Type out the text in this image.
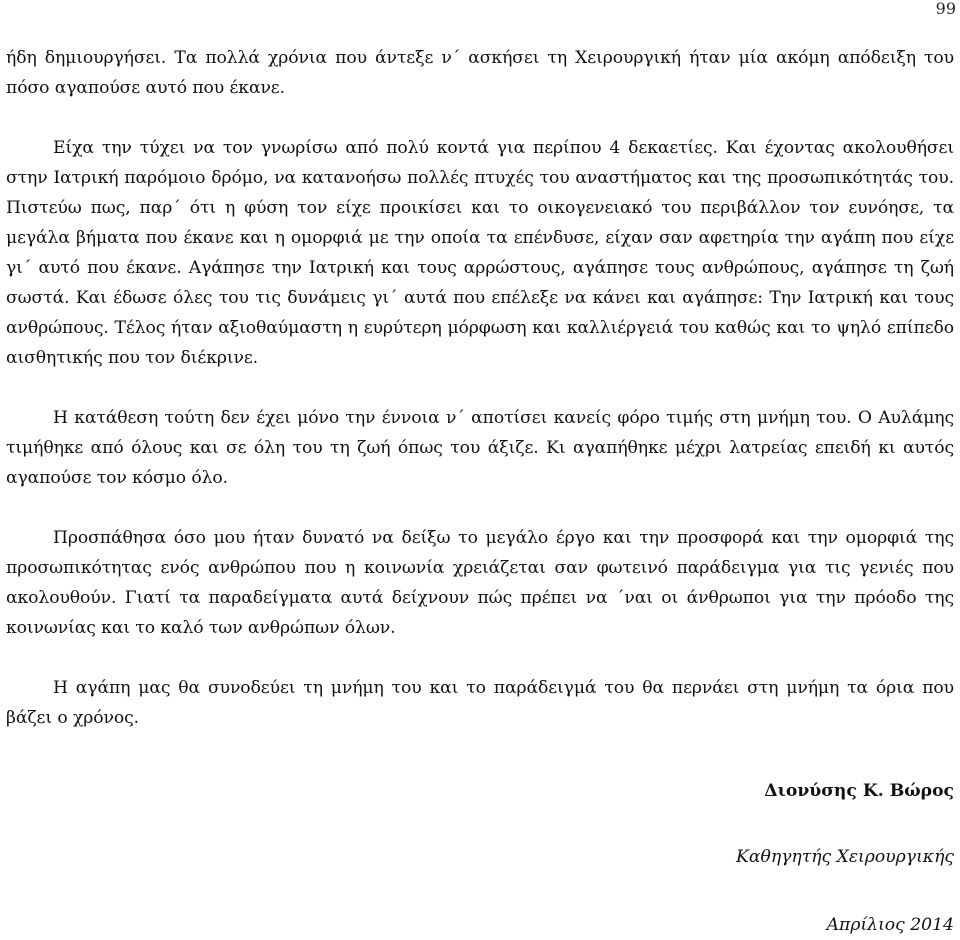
99

ήδη δημιουργήσει. Τα πολλά χρόνια που άντεξε ν΄ ασκήσει τη Χειρουργική ήταν μία ακόμη απόδειξη του πόσο αγαπούσε αυτό που έκανε.

Είχα την τύχει να τον γνωρίσω από πολύ κοντά για περίπου 4 δεκαετίες. Και έχοντας ακολουθήσει στην Ιατρική παρόμοιο δρόμο, να κατανοήσω πολλές πτυχές του αναστήματος και της προσωπικότητάς του. Πιστεύω πως, παρ΄ ότι η φύση τον είχε προικίσει και το οικογενειακό του περιβάλλον τον ευνόησε, τα μεγάλα βήματα που έκανε και η ομορφιά με την οποία τα επένδυσε, είχαν σαν αφετηρία την αγάπη που είχε γι΄ αυτό που έκανε. Αγάπησε την Ιατρική και τους αρρώστους, αγάπησε τους ανθρώπους, αγάπησε τη ζωή σωστά. Και έδωσε όλες του τις δυνάμεις γι΄ αυτά που επέλεξε να κάνει και αγάπησε: Την Ιατρική και τους ανθρώπους. Τέλος ήταν αξιοθαύμαστη η ευρύτερη μόρφωση και καλλιέργειά του καθώς και το ψηλό επίπεδο αισθητικής που τον διέκρινε.

Η κατάθεση τούτη δεν έχει μόνο την έννοια ν΄ αποτίσει κανείς φόρο τιμής στη μνήμη του. Ο Αυλάμης τιμήθηκε από όλους και σε όλη του τη ζωή όπως του άξιζε. Κι αγαπήθηκε μέχρι λατρείας επειδή κι αυτός αγαπούσε τον κόσμο όλο.

Προσπάθησα όσο μου ήταν δυνατό να δείξω το μεγάλο έργο και την προσφορά και την ομορφιά της προσωπικότητας ενός ανθρώπου που η κοινωνία χρειάζεται σαν φωτεινό παράδειγμα για τις γενιές που ακολουθούν. Γιατί τα παραδείγματα αυτά δείχνουν πώς πρέπει να ΄ναι οι άνθρωποι για την πρόοδο της κοινωνίας και το καλό των ανθρώπων όλων.

Η αγάπη μας θα συνοδεύει τη μνήμη του και το παράδειγμά του θα περνάει στη μνήμη τα όρια που βάζει ο χρόνος.

Διονύσης Κ. Βώρος

Καθηγητής Χειρουργικής

Απρίλιος 2014
